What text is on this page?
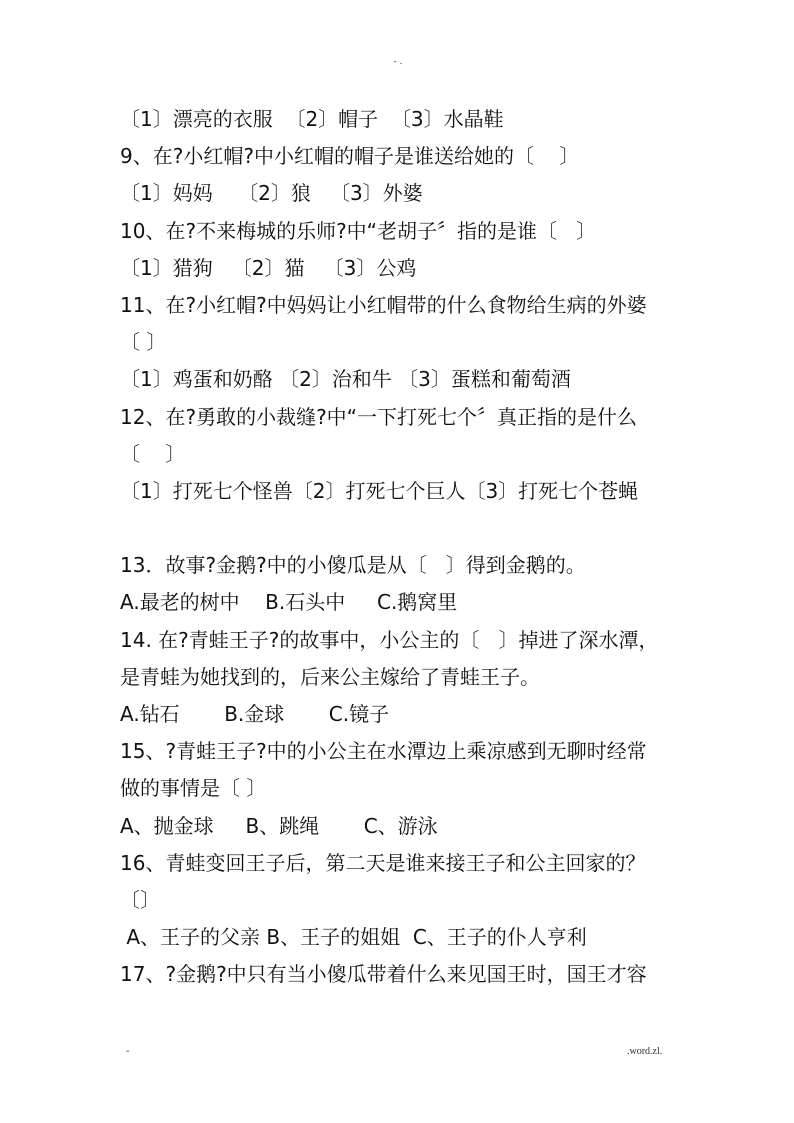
- .

〔1〕漂亮的衣服  〔2〕帽子  〔3〕水晶鞋

9、在?小红帽?中小红帽的帽子是谁送给她的〔    〕

〔1〕妈妈    〔2〕狼   〔3〕外婆

10、在?不来梅城的乐师?中“老胡子〞指的是谁〔   〕

〔1〕猎狗   〔2〕猫   〔3〕公鸡

11、在?小红帽?中妈妈让小红帽带的什么食物给生病的外婆

〔 〕

〔1〕鸡蛋和奶酪 〔2〕治和牛 〔3〕蛋糕和葡萄酒

12、在?勇敢的小裁缝?中“一下打死七个〞真正指的是什么

〔    〕

〔1〕打死七个怪兽〔2〕打死七个巨人〔3〕打死七个苍蝇

13．故事?金鹅?中的小傻瓜是从〔   〕得到金鹅的。

A.最老的树中    B.石头中     C.鹅窝里

14. 在?青蛙王子?的故事中，小公主的〔   〕掉进了深水潭，

是青蛙为她找到的，后来公主嫁给了青蛙王子。

A.钻石       B.金球       C.镜子

15、?青蛙王子?中的小公主在水潭边上乘凉感到无聊时经常

做的事情是〔 〕

A、抛金球     B、跳绳       C、游泳

16、青蛙变回王子后，第二天是谁来接王子和公主回家的？

〔〕

A、王子的父亲 B、王子的姐姐  C、王子的仆人亨利

17、?金鹅?中只有当小傻瓜带着什么来见国王时，国王才容

-	.word.zl.
